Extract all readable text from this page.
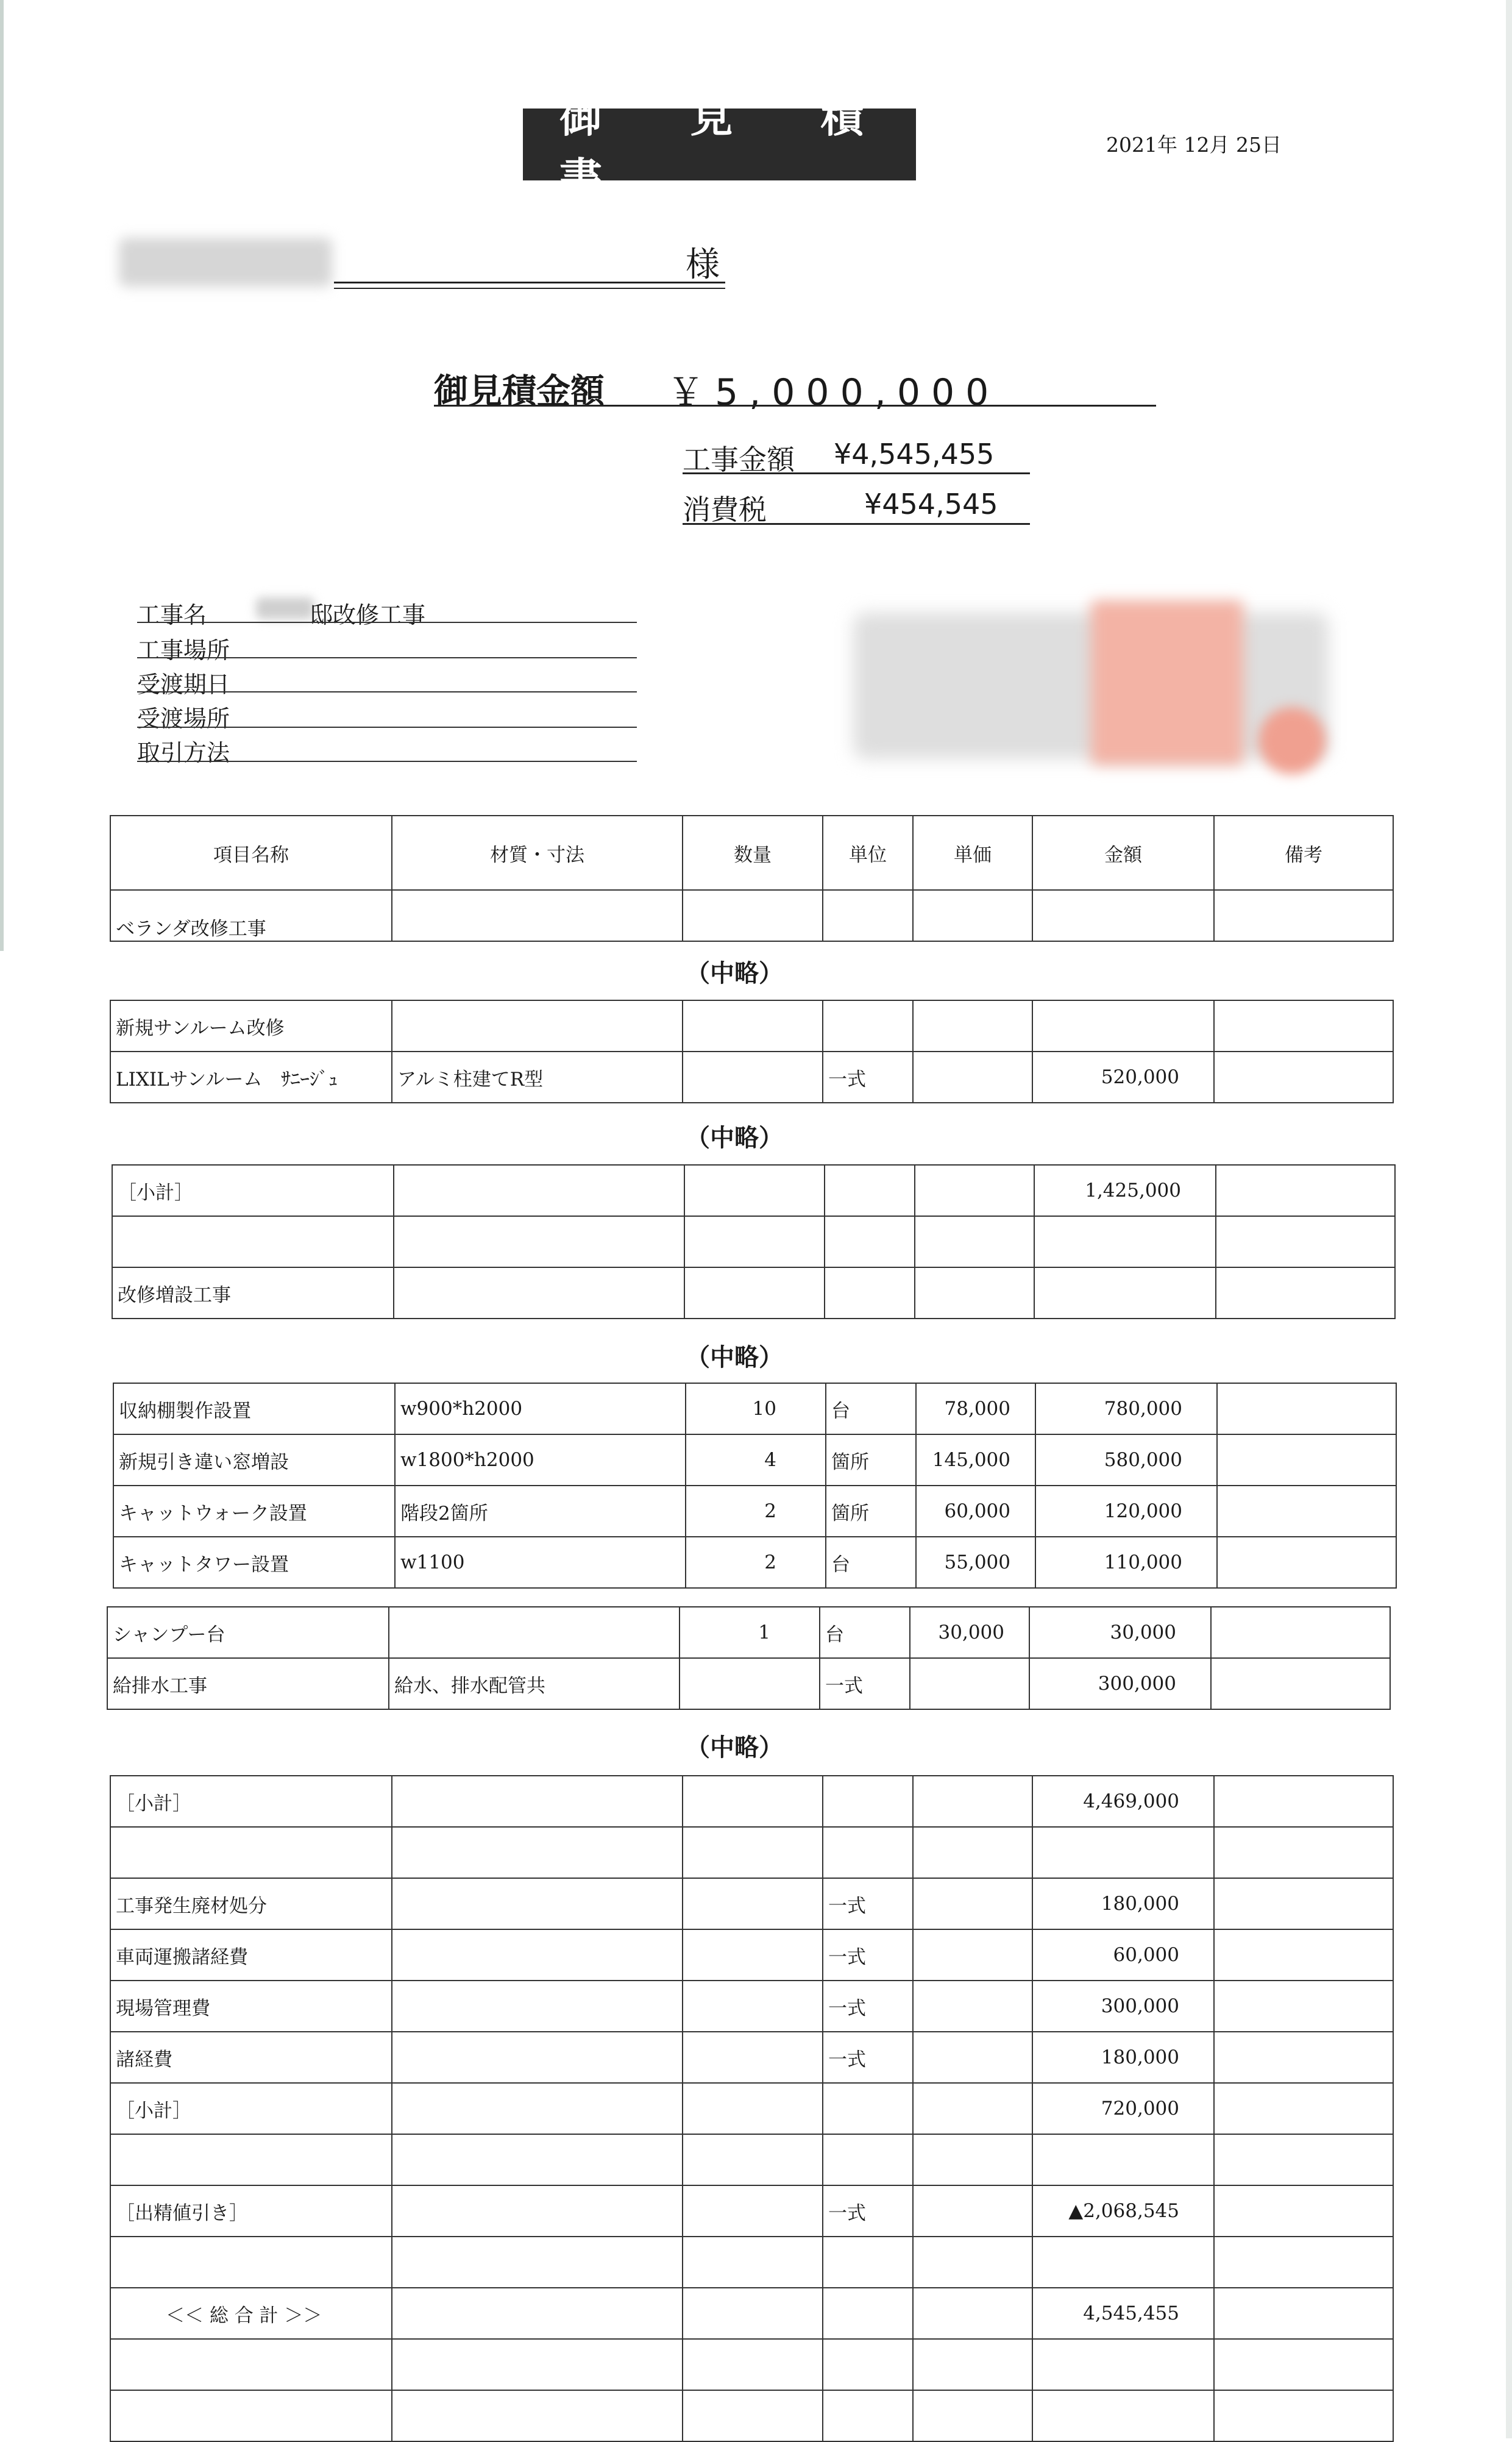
御 見 積 書
2021年 12月 25日
様
御見積金額 ￥5,000,000
工事金額 ¥4,545,455
消費税	¥454,545
工事名	邸改修工事
工事場所
受渡期日
受渡場所
取引方法
項目名称	材質・寸法	数量	単位	単価	金額	備考
ベランダ改修工事						
（中略）
新規サンルーム改修						
LIXILサンルーム　ｻﾆｰｼﾞｭ	アルミ柱建てR型		一式		520,000	
（中略）
［小計］					1,425,000	

改修増設工事						
（中略）
収納棚製作設置	w900*h2000	10	台	78,000	780,000	
新規引き違い窓増設	w1800*h2000	4	箇所	145,000	580,000	
キャットウォーク設置	階段2箇所	2	箇所	60,000	120,000	
キャットタワー設置	w1100	2	台	55,000	110,000	
シャンプー台		1	台	30,000	30,000	
給排水工事	給水、排水配管共		一式		300,000	
（中略）
［小計］					4,469,000	

工事発生廃材処分			一式		180,000	
車両運搬諸経費			一式		60,000	
現場管理費			一式		300,000	
諸経費			一式		180,000	
［小計］					720,000	

［出精値引き］			一式		▲2,068,545	

＜＜ 総 合 計 ＞＞					4,545,455	
